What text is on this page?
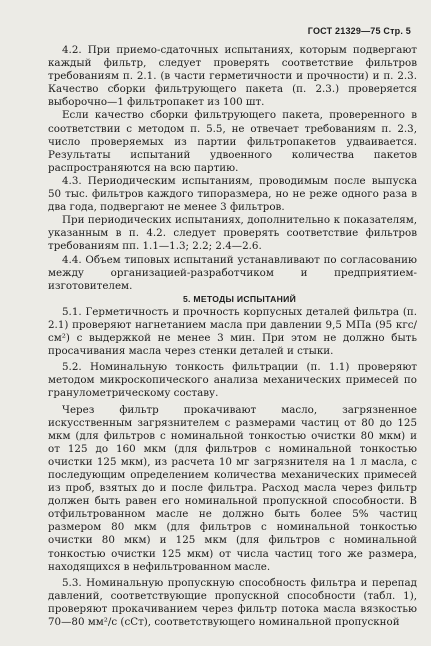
ГОСТ 21329—75 Стр. 5

4.2. При приемо-сдаточных испытаниях, которым подвергают каждый фильтр, следует проверять соответствие фильтров требованиям п. 2.1. (в части герметичности и прочности) и п. 2.3. Качество сборки фильтрующего пакета (п. 2.3.) проверяется выборочно—1 фильтропакет из 100 шт.

Если качество сборки фильтрующего пакета, проверенного в соответствии с методом п. 5.5, не отвечает требованиям п. 2.3, число проверяемых из партии фильтропакетов удваивается. Результаты испытаний удвоенного количества пакетов распространяются на всю партию.

4.3. Периодическим испытаниям, проводимым после выпуска 50 тыс. фильтров каждого типоразмера, но не реже одного раза в два года, подвергают не менее 3 фильтров.

При периодических испытаниях, дополнительно к показателям, указанным в п. 4.2. следует проверять соответствие фильтров требованиям пп. 1.1—1.3; 2.2; 2.4—2.6.

4.4. Объем типовых испытаний устанавливают по согласованию между организацией-разработчиком и предприятием-изготовителем.

5. МЕТОДЫ ИСПЫТАНИЙ

5.1. Герметичность и прочность корпусных деталей фильтра (п. 2.1) проверяют нагнетанием масла при давлении 9,5 МПа (95 кгс/см²) с выдержкой не менее 3 мин. При этом не должно быть просачивания масла через стенки деталей и стыки.

5.2. Номинальную тонкость фильтрации (п. 1.1) проверяют методом микроскопического анализа механических примесей по гранулометрическому составу.

Через фильтр прокачивают масло, загрязненное искусственным загрязнителем с размерами частиц от 80 до 125 мкм (для фильтров с номинальной тонкостью очистки 80 мкм) и от 125 до 160 мкм (для фильтров с номинальной тонкостью очистки 125 мкм), из расчета 10 мг загрязнителя на 1 л масла, с последующим определением количества механических примесей из проб, взятых до и после фильтра. Расход масла через фильтр должен быть равен его номинальной пропускной способности. В отфильтрованном масле не должно быть более 5% частиц размером 80 мкм (для фильтров с номинальной тонкостью очистки 80 мкм) и 125 мкм (для фильтров с номинальной тонкостью очистки 125 мкм) от числа частиц того же размера, находящихся в нефильтрованном масле.

5.3. Номинальную пропускную способность фильтра и перепад давлений, соответствующие пропускной способности (табл. 1), проверяют прокачиванием через фильтр потока масла вязкостью 70—80 мм²/с (сСт), соответствующего номинальной пропускной
